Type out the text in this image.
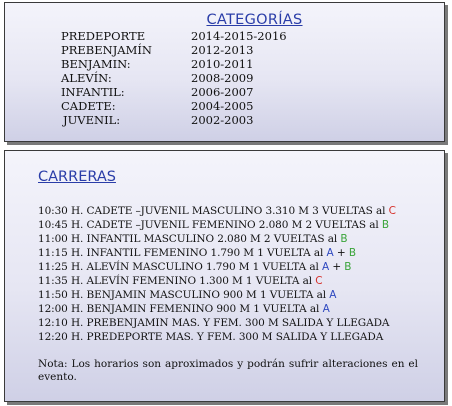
CATEGORÍAS
PREDEPORTE	2014-2015-2016
PREBENJAMÍN	2012-2013
BENJAMIN:	2010-2011
ALEVÍN:	2008-2009
INFANTIL:	2006-2007
CADETE:	2004-2005
JUVENIL:	2002-2003
CARRERAS
10:30 H. CADETE –JUVENIL MASCULINO 3.310 M 3 VUELTAS al C
10:45 H. CADETE –JUVENIL FEMENINO 2.080 M 2 VUELTAS al B
11:00 H. INFANTIL MASCULINO 2.080 M 2 VUELTAS al B
11:15 H. INFANTIL FEMENINO 1.790 M 1 VUELTA al A + B
11:25 H. ALEVÍN MASCULINO 1.790 M 1 VUELTA al A + B
11:35 H. ALEVÍN FEMENINO 1.300 M 1 VUELTA al C
11:50 H. BENJAMIN MASCULINO 900 M 1 VUELTA al A
12:00 H. BENJAMIN FEMENINO 900 M 1 VUELTA al A
12:10 H. PREBENJAMIN MAS. Y FEM. 300 M SALIDA Y LLEGADA
12:20 H. PREDEPORTE MAS. Y FEM. 300 M SALIDA Y LLEGADA
Nota: Los horarios son aproximados y podrán sufrir alteraciones en el evento.
